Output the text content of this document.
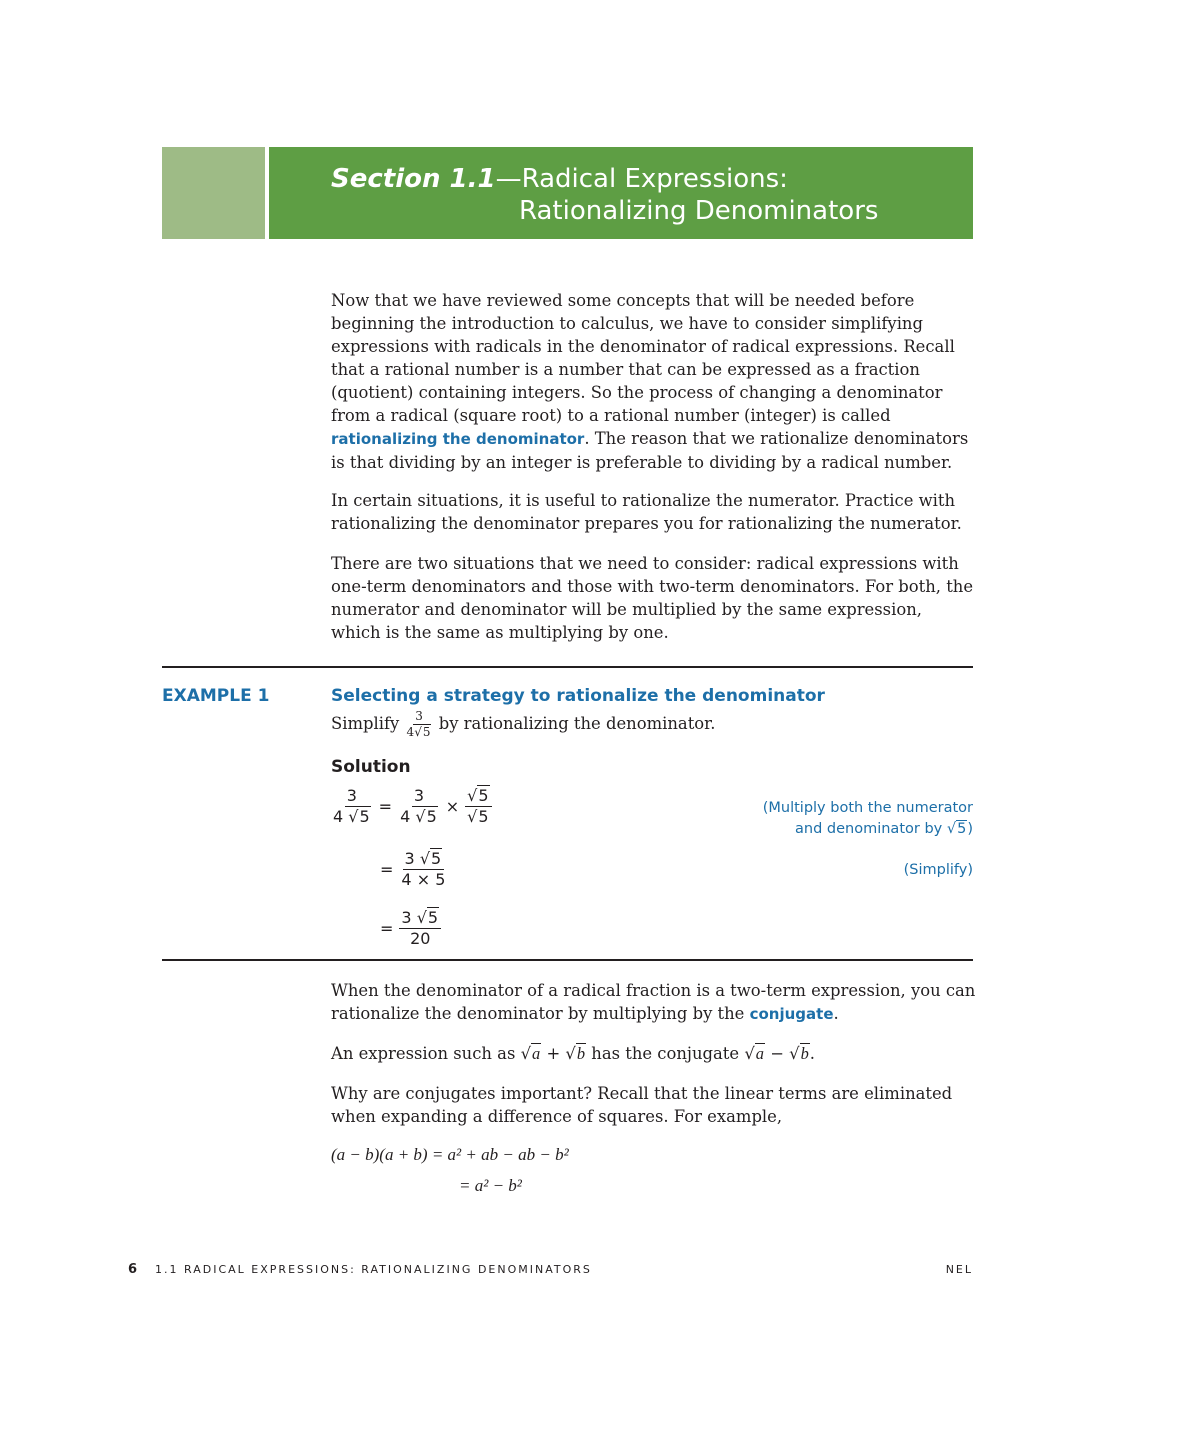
Section 1.1—Radical Expressions:
Rationalizing Denominators

Now that we have reviewed some concepts that will be needed before beginning the introduction to calculus, we have to consider simplifying expressions with radicals in the denominator of radical expressions. Recall that a rational number is a number that can be expressed as a fraction (quotient) containing integers. So the process of changing a denominator from a radical (square root) to a rational number (integer) is called rationalizing the denominator. The reason that we rationalize denominators is that dividing by an integer is preferable to dividing by a radical number.

In certain situations, it is useful to rationalize the numerator. Practice with rationalizing the denominator prepares you for rationalizing the numerator.

There are two situations that we need to consider: radical expressions with one-term denominators and those with two-term denominators. For both, the numerator and denominator will be multiplied by the same expression, which is the same as multiplying by one.

EXAMPLE 1	Selecting a strategy to rationalize the denominator
Simplify $\frac{3}{4√5}$ by rationalizing the denominator.
Solution
$\frac{3}{4 √5} = \frac{3}{4 √5} \times \frac{√5}{√5}$	(Multiply both the numerator
and denominator by √5)
= $\frac{3 √5}{4 \times 5}$	(Simplify)
= $\frac{3 √5}{20}$

When the denominator of a radical fraction is a two-term expression, you can rationalize the denominator by multiplying by the conjugate.

An expression such as √a + √b has the conjugate √a − √b.

Why are conjugates important? Recall that the linear terms are eliminated when expanding a difference of squares. For example,

(a − b)(a + b) = a² + ab − ab − b²
= a² − b²
6 1.1 RADICAL EXPRESSIONS: RATIONALIZING DENOMINATORS	NEL
